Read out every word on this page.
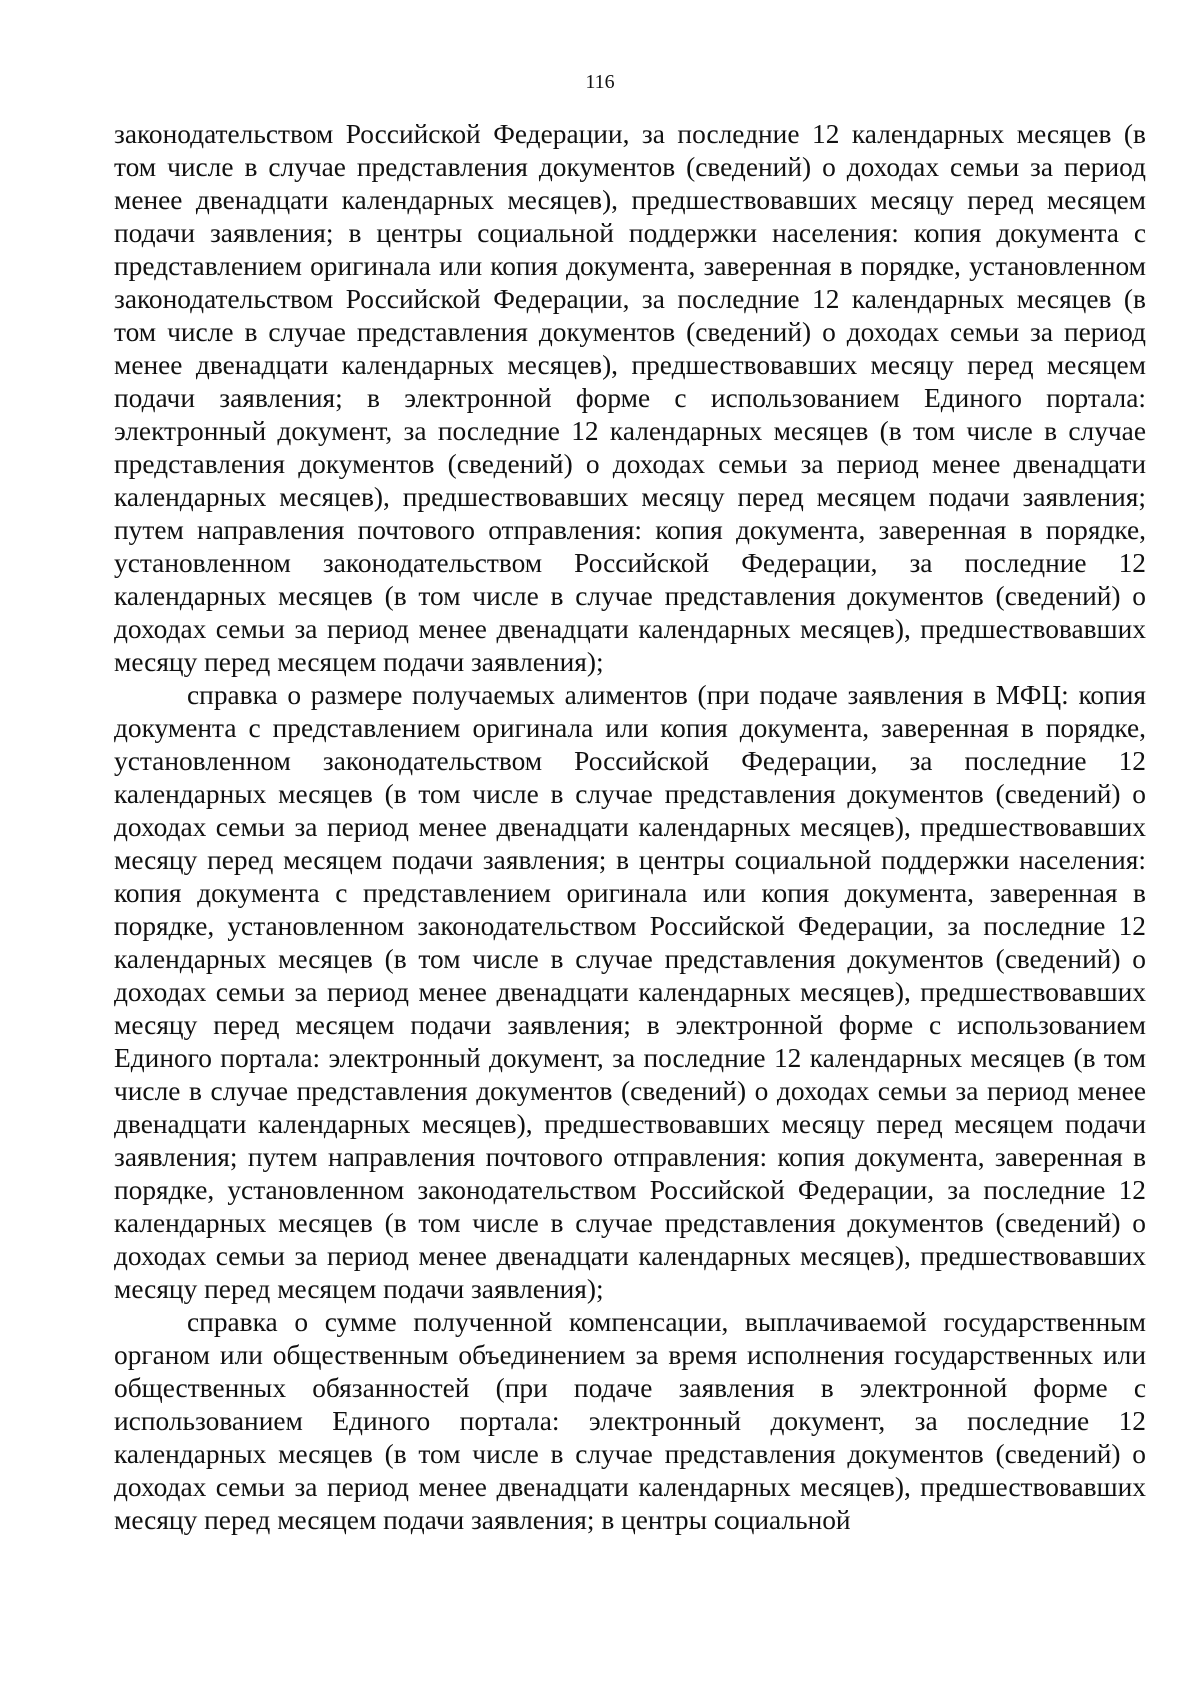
116

законодательством Российской Федерации, за последние 12 календарных месяцев (в том числе в случае представления документов (сведений) о доходах семьи за период менее двенадцати календарных месяцев), предшествовавших месяцу перед месяцем подачи заявления; в центры социальной поддержки населения: копия документа с представлением оригинала или копия документа, заверенная в порядке, установленном законодательством Российской Федерации, за последние 12 календарных месяцев (в том числе в случае представления документов (сведений) о доходах семьи за период менее двенадцати календарных месяцев), предшествовавших месяцу перед месяцем подачи заявления; в электронной форме с использованием Единого портала: электронный документ, за последние 12 календарных месяцев (в том числе в случае представления документов (сведений) о доходах семьи за период менее двенадцати календарных месяцев), предшествовавших месяцу перед месяцем подачи заявления; путем направления почтового отправления: копия документа, заверенная в порядке, установленном законодательством Российской Федерации, за последние 12 календарных месяцев (в том числе в случае представления документов (сведений) о доходах семьи за период менее двенадцати календарных месяцев), предшествовавших месяцу перед месяцем подачи заявления);

справка о размере получаемых алиментов (при подаче заявления в МФЦ: копия документа с представлением оригинала или копия документа, заверенная в порядке, установленном законодательством Российской Федерации, за последние 12 календарных месяцев (в том числе в случае представления документов (сведений) о доходах семьи за период менее двенадцати календарных месяцев), предшествовавших месяцу перед месяцем подачи заявления; в центры социальной поддержки населения: копия документа с представлением оригинала или копия документа, заверенная в порядке, установленном законодательством Российской Федерации, за последние 12 календарных месяцев (в том числе в случае представления документов (сведений) о доходах семьи за период менее двенадцати календарных месяцев), предшествовавших месяцу перед месяцем подачи заявления; в электронной форме с использованием Единого портала: электронный документ, за последние 12 календарных месяцев (в том числе в случае представления документов (сведений) о доходах семьи за период менее двенадцати календарных месяцев), предшествовавших месяцу перед месяцем подачи заявления; путем направления почтового отправления: копия документа, заверенная в порядке, установленном законодательством Российской Федерации, за последние 12 календарных месяцев (в том числе в случае представления документов (сведений) о доходах семьи за период менее двенадцати календарных месяцев), предшествовавших месяцу перед месяцем подачи заявления);

справка о сумме полученной компенсации, выплачиваемой государственным органом или общественным объединением за время исполнения государственных или общественных обязанностей (при подаче заявления в электронной форме с использованием Единого портала: электронный документ, за последние 12 календарных месяцев (в том числе в случае представления документов (сведений) о доходах семьи за период менее двенадцати календарных месяцев), предшествовавших месяцу перед месяцем подачи заявления; в центры социальной
